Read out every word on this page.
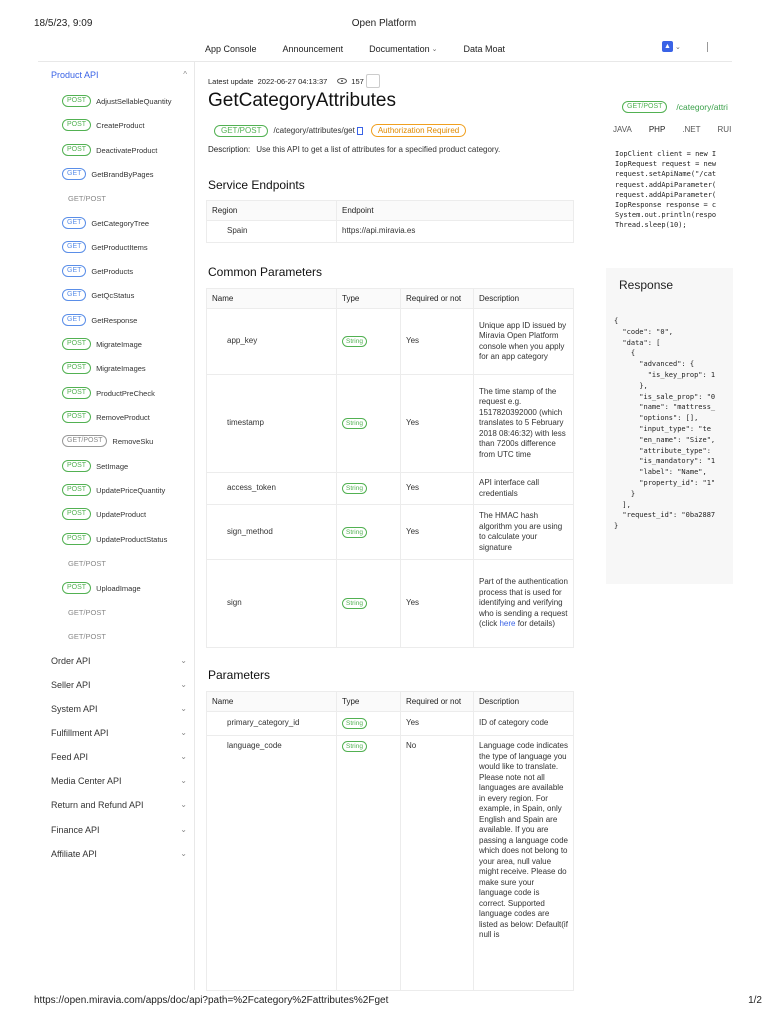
18/5/23, 9:09	Open Platform
App Console	Announcement	Documentation ⌄	Data Moat	▲ ⌄
Product API	^
POST	AdjustSellableQuantity
POST	CreateProduct
POST	DeactivateProduct
GET	GetBrandByPages
GET/POST
GET	GetCategoryTree
GET	GetProductItems
GET	GetProducts
GET	GetQcStatus
GET	GetResponse
POST	MigrateImage
POST	MigrateImages
POST	ProductPreCheck
POST	RemoveProduct
GET/POST	RemoveSku
POST	SetImage
POST	UpdatePriceQuantity
POST	UpdateProduct
POST	UpdateProductStatus
GET/POST
POST	UploadImage
GET/POST
GET/POST
Order API	⌄
Seller API	⌄
System API	⌄
Fulfillment API	⌄
Feed API	⌄
Media Center API	⌄
Return and Refund API	⌄
Finance API	⌄
Affiliate API	⌄
Latest update
2022-06-27 04:13:37	157
GetCategoryAttributes
GET/POST	/category/attributes/get	Authorization Required
Description: Use this API to get a list of attributes for a specified product category.
Service Endpoints
Region	Endpoint
Spain	https://api.miravia.es
Common Parameters
Name	Type	Required or not	Description
app_key	String	Yes	Unique app ID issued by Miravia Open Platform console when you apply for an app category
timestamp	String	Yes	The time stamp of the request e.g. 1517820392000 (which translates to 5 February 2018 08:46:32) with less than 7200s difference from UTC time
access_token	String	Yes	API interface call credentials
sign_method	String	Yes	The HMAC hash algorithm you are using to calculate your signature
sign	String	Yes	Part of the authentication process that is used for identifying and verifying who is sending a request (click here for details)
Parameters
Name	Type	Required or not	Description
primary_category_id	String	Yes	ID of category code
language_code	String	No	Language code indicates the type of language you would like to translate. Please note not all languages are available in every region. For example, in Spain, only English and Spain are available. If you are passing a language code which does not belong to your area, null value might receive. Please do make sure your language code is correct. Supported language codes are listed as below: Default(if null is
GET/POST	/category/attri
JAVA PHP .NET RUI
IopClient client = new I
IopRequest request = new
request.setApiName("/cat
request.addApiParameter(
request.addApiParameter(
IopResponse response = c
System.out.println(respo
Thread.sleep(10);
Response
{
"code": "0",
"data": [
{
"advanced": {
"is_key_prop": 1
},
"is_sale_prop": "0
"name": "mattress_
"options": [],
"input_type": "te
"en_name": "Size",
"attribute_type":
"is_mandatory": "1
"label": "Name",
"property_id": "1"
}
],
"request_id": "0ba2887
}
https://open.miravia.com/apps/doc/api?path=%2Fcategory%2Fattributes%2Fget	1/2
